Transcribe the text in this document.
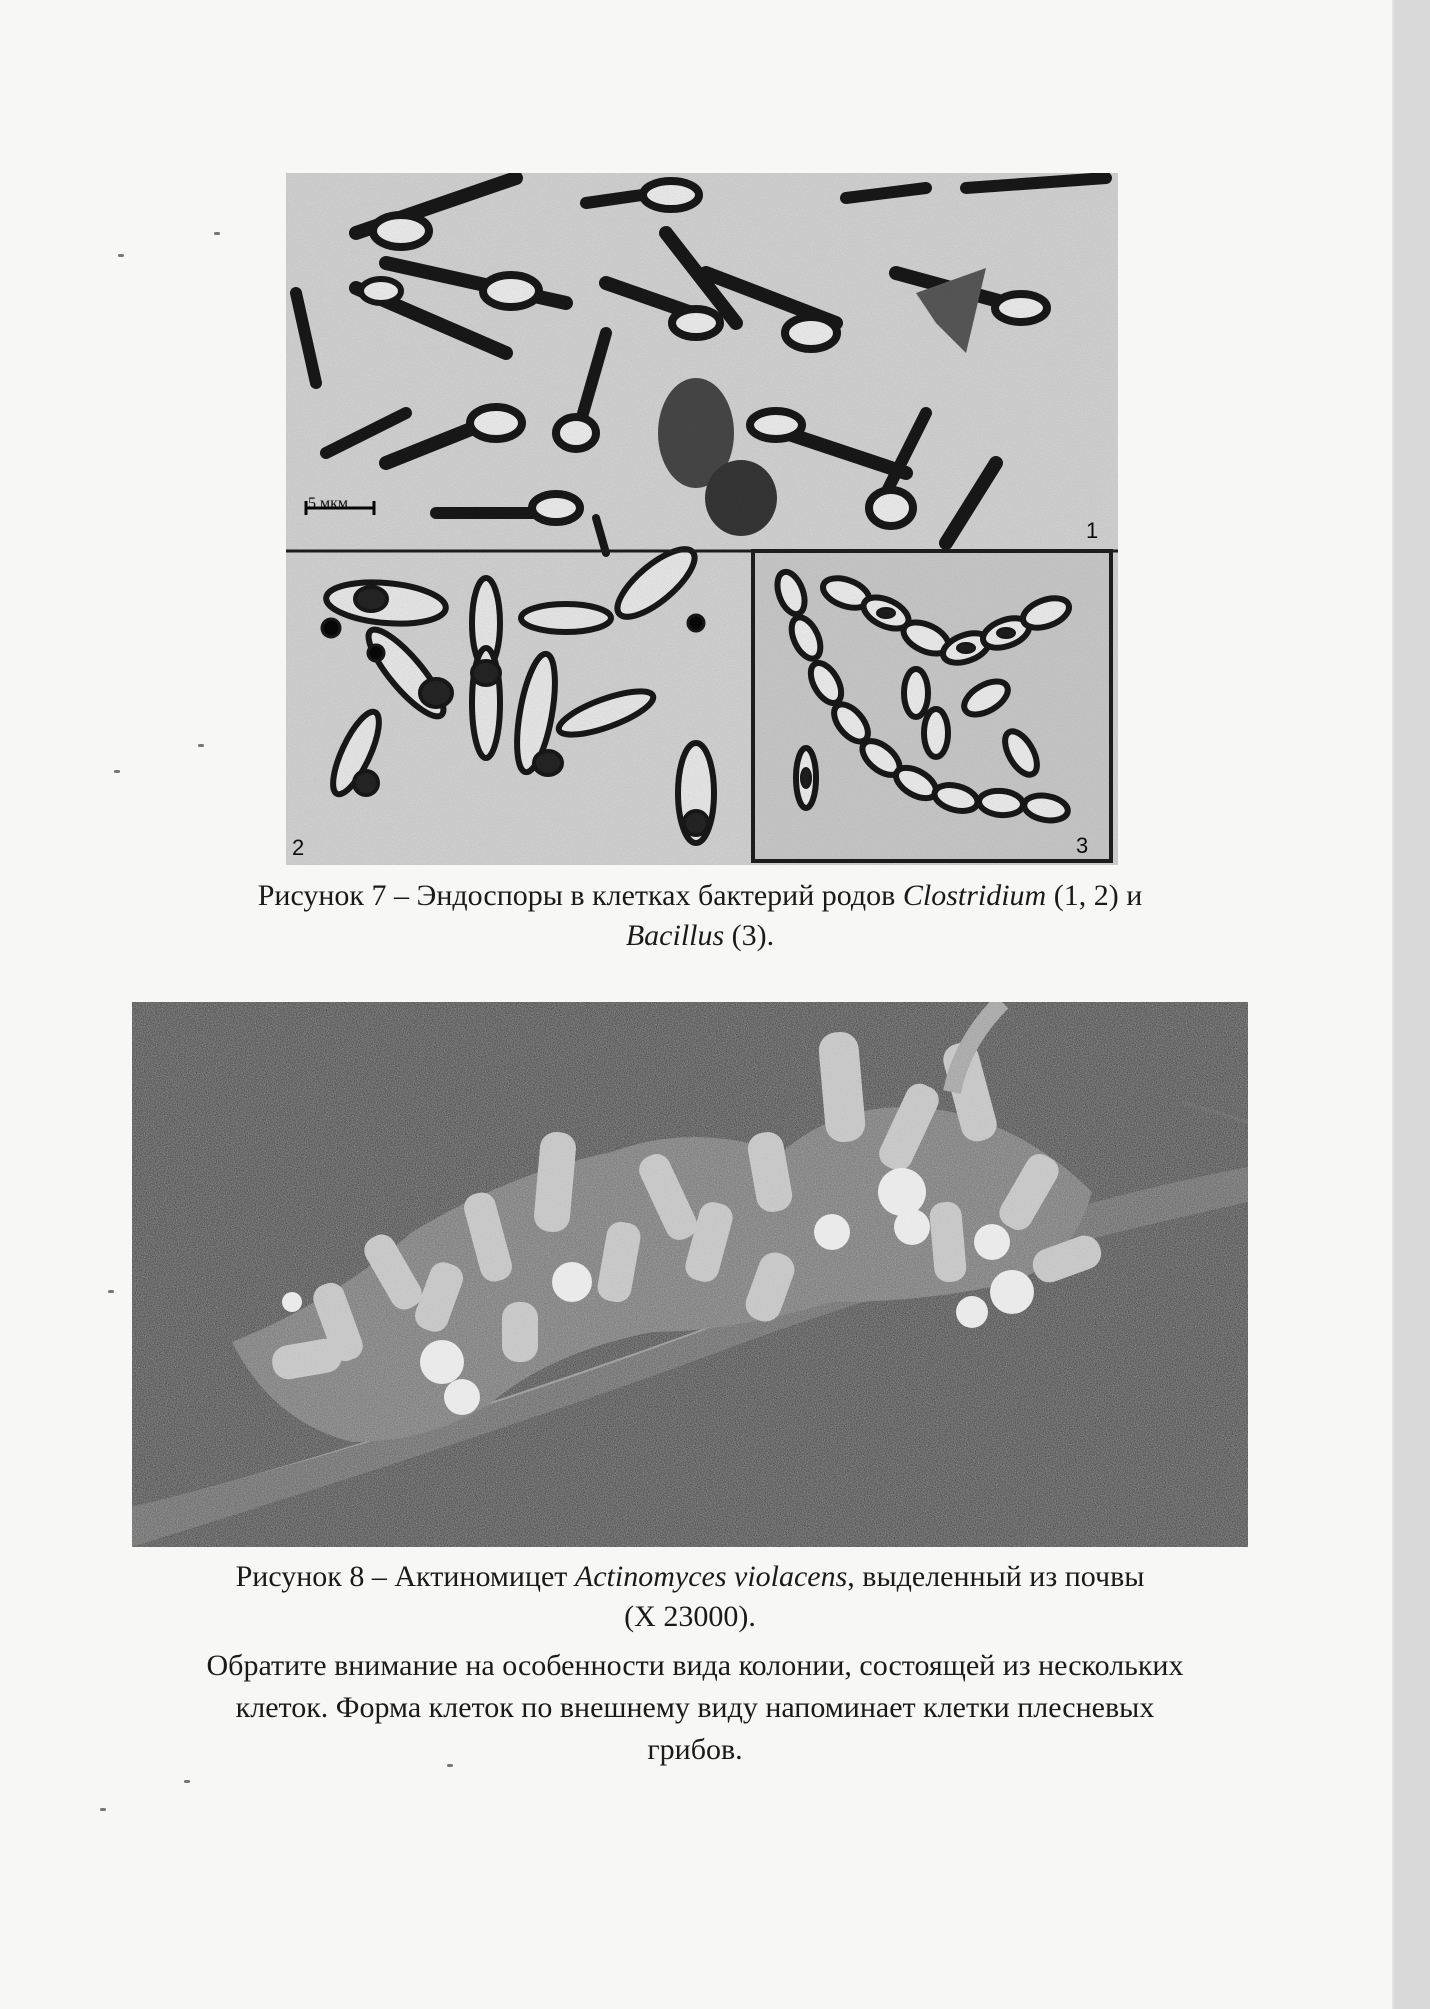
5 мкм
1
2	3
Рисунок 7 – Эндоспоры в клетках бактерий родов Clostridium (1, 2) и
Bacillus (3).
Рисунок 8 – Актиномицет Actinomyces violacens, выделенный из почвы
(Х 23000).
Обратите внимание на особенности вида колонии, состоящей из нескольких
клеток. Форма клеток по внешнему виду напоминает клетки плесневых
грибов.
